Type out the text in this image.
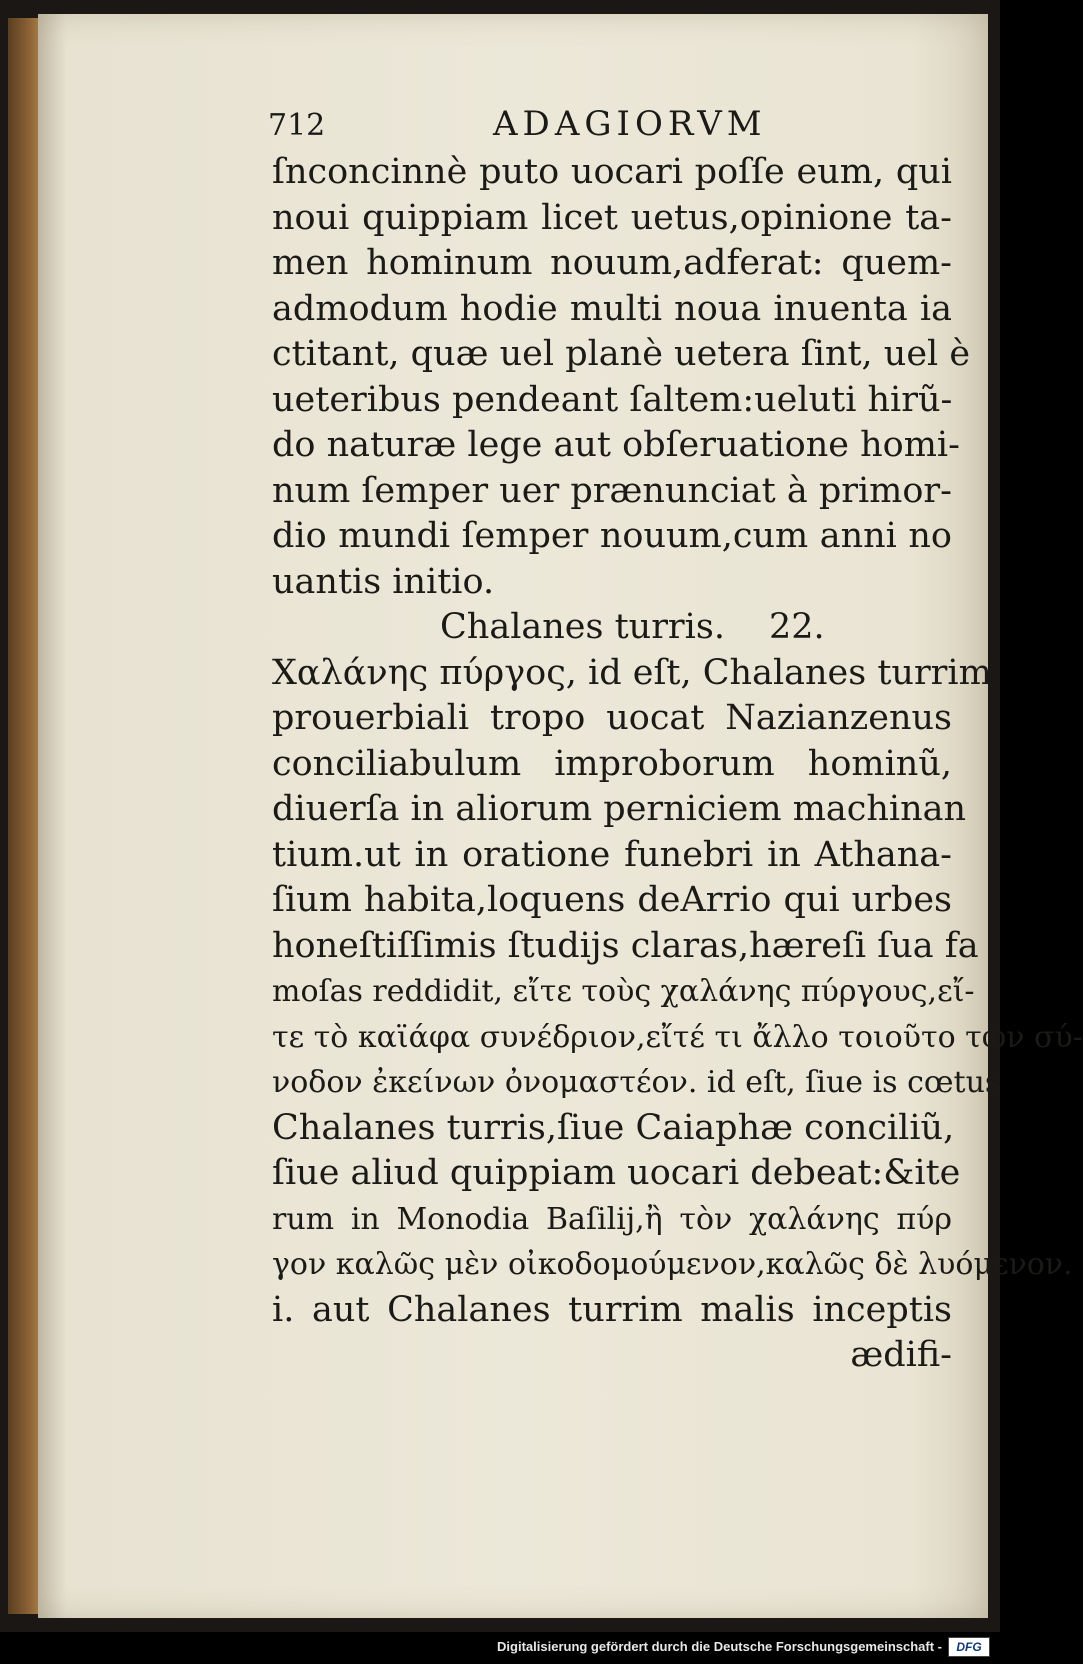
712	ADAGIORVM
ſnconcinnè puto uocari poſſe eum, qui
noui quippiam licet uetus,opinione ta-
men hominum nouum,adferat: quem-
admodum hodie multi noua inuenta ia
ctitant, quæ uel planè uetera ſint, uel è
ueteribus pendeant ſaltem:ueluti hirũ-
do naturæ lege aut obſeruatione homi-
num ſemper uer prænunciat à primor-
dio mundi ſemper nouum,cum anni no
uantis initio.
Chalanes turris. 22.
Χαλάνης πύργος, id eſt, Chalanes turrim
prouerbiali tropo uocat Nazianzenus
conciliabulum improborum hominũ,
diuerſa in aliorum perniciem machinan
tium.ut in oratione funebri in Athana-
ſium habita,loquens deArrio qui urbes
honeſtiſſimis ſtudijs claras,hæreſi ſua fa
moſas reddidit, εἴτε τοὺς χαλάνης πύργους,εἴ-
τε τὸ καϊάφα συνέδριον,εἴτέ τι ἄλλο τοιοῦτο τῶν σύ-
νοδον ἐκείνων ὀνομαστέον. id eſt, ſiue is cœtus
Chalanes turris,ſiue Caiaphæ conciliũ,
ſiue aliud quippiam uocari debeat:&ite
rum in Monodia Baſilij,ἢ τὸν χαλάνης πύρ
γον καλῶς μὲν οἰκοδομούμενον,καλῶς δὲ λυόμενον.
i. aut Chalanes turrim malis inceptis
ædifi-
Digitalisierung gefördert durch die Deutsche Forschungsgemeinschaft -	DFG
